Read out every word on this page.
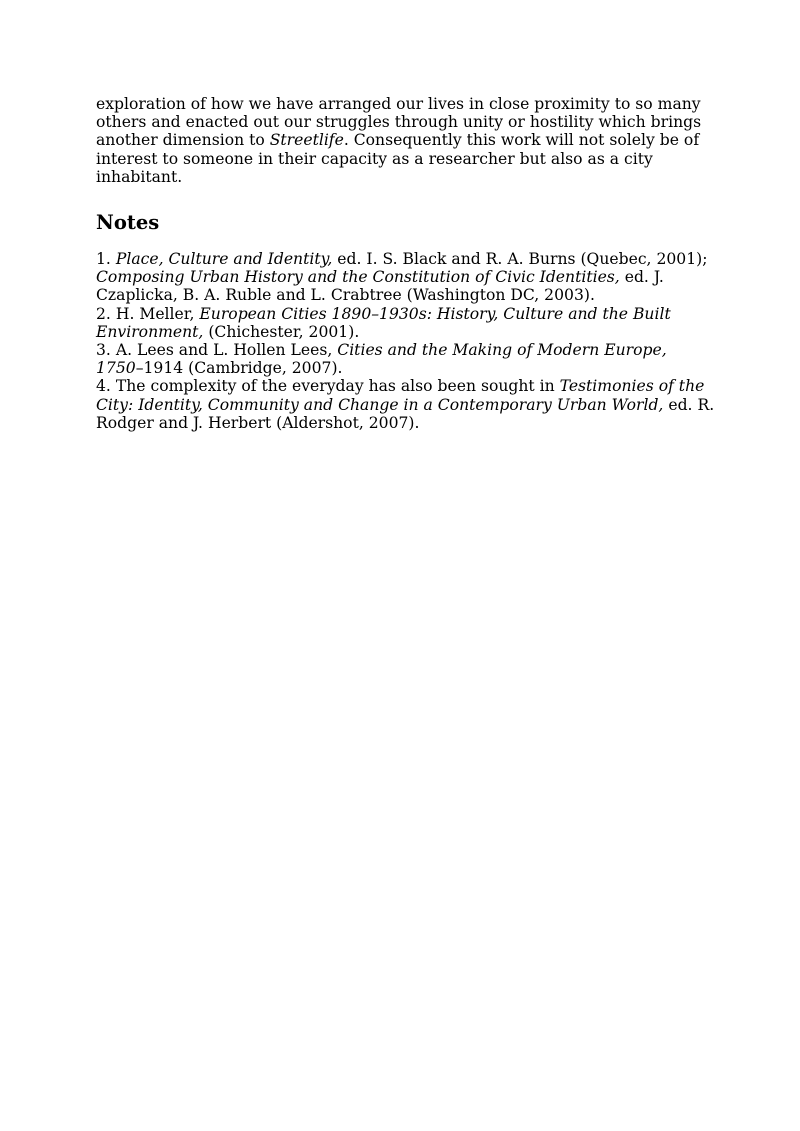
exploration of how we have arranged our lives in close proximity to so many others and enacted out our struggles through unity or hostility which brings another dimension to Streetlife. Consequently this work will not solely be of interest to someone in their capacity as a researcher but also as a city inhabitant.

Notes

1. Place, Culture and Identity, ed. I. S. Black and R. A. Burns (Quebec, 2001); Composing Urban History and the Constitution of Civic Identities, ed. J. Czaplicka, B. A. Ruble and L. Crabtree (Washington DC, 2003).

2. H. Meller, European Cities 1890–1930s: History, Culture and the Built Environment, (Chichester, 2001).

3. A. Lees and L. Hollen Lees, Cities and the Making of Modern Europe, 1750–1914 (Cambridge, 2007).

4. The complexity of the everyday has also been sought in Testimonies of the City: Identity, Community and Change in a Contemporary Urban World, ed. R. Rodger and J. Herbert (Aldershot, 2007).
